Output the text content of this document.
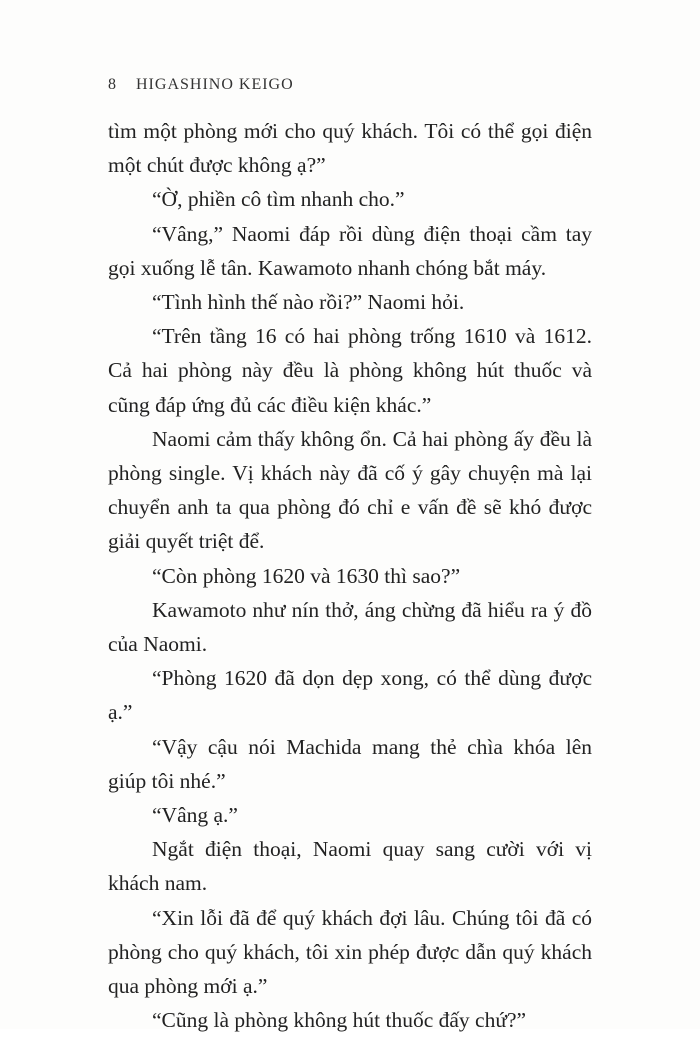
8 HIGASHINO KEIGO

tìm một phòng mới cho quý khách. Tôi có thể gọi điện một chút được không ạ?”

“Ờ, phiền cô tìm nhanh cho.”

“Vâng,” Naomi đáp rồi dùng điện thoại cầm tay gọi xuống lễ tân. Kawamoto nhanh chóng bắt máy.

“Tình hình thế nào rồi?” Naomi hỏi.

“Trên tầng 16 có hai phòng trống 1610 và 1612. Cả hai phòng này đều là phòng không hút thuốc và cũng đáp ứng đủ các điều kiện khác.”

Naomi cảm thấy không ổn. Cả hai phòng ấy đều là phòng single. Vị khách này đã cố ý gây chuyện mà lại chuyển anh ta qua phòng đó chỉ e vấn đề sẽ khó được giải quyết triệt để.

“Còn phòng 1620 và 1630 thì sao?”

Kawamoto như nín thở, áng chừng đã hiểu ra ý đồ của Naomi.

“Phòng 1620 đã dọn dẹp xong, có thể dùng được ạ.”

“Vậy cậu nói Machida mang thẻ chìa khóa lên giúp tôi nhé.”

“Vâng ạ.”

Ngắt điện thoại, Naomi quay sang cười với vị khách nam.

“Xin lỗi đã để quý khách đợi lâu. Chúng tôi đã có phòng cho quý khách, tôi xin phép được dẫn quý khách qua phòng mới ạ.”

“Cũng là phòng không hút thuốc đấy chứ?”
